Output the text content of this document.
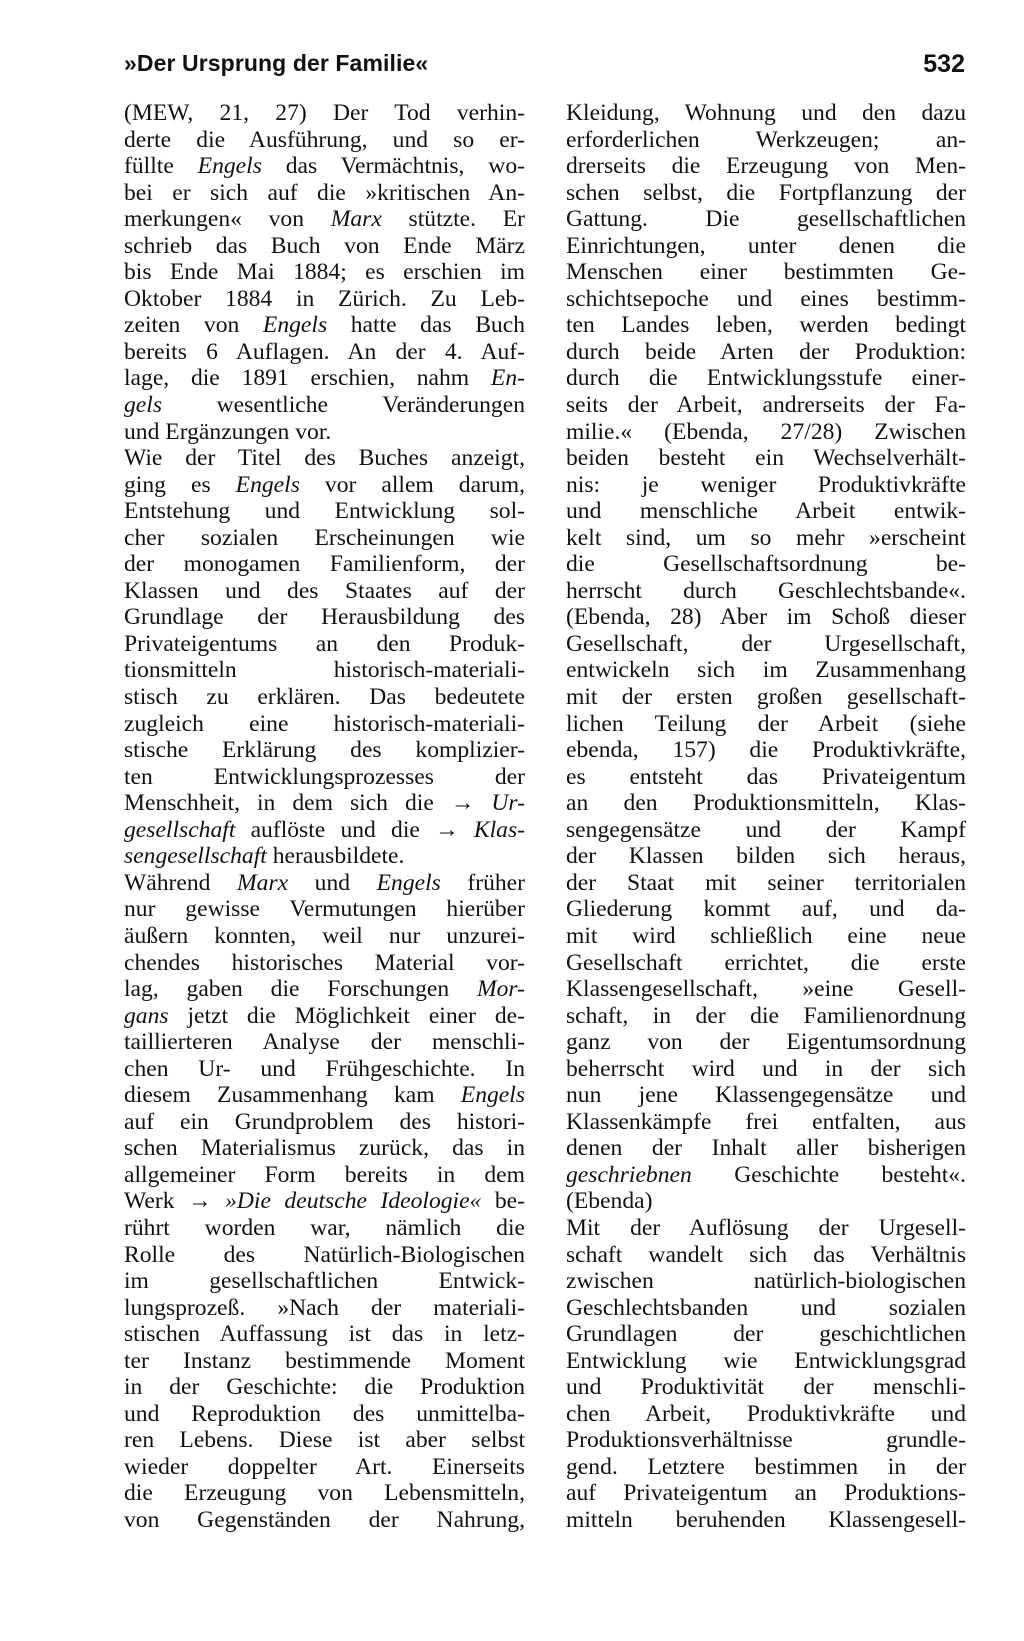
»Der Ursprung der Familie«	532
(MEW, 21, 27) Der Tod verhin-
derte die Ausführung, und so er-
füllte Engels das Vermächtnis, wo-
bei er sich auf die »kritischen An-
merkungen« von Marx stützte. Er
schrieb das Buch von Ende März
bis Ende Mai 1884; es erschien im
Oktober 1884 in Zürich. Zu Leb-
zeiten von Engels hatte das Buch
bereits 6 Auflagen. An der 4. Auf-
lage, die 1891 erschien, nahm En-
gels wesentliche Veränderungen
und Ergänzungen vor.
Wie der Titel des Buches anzeigt,
ging es Engels vor allem darum,
Entstehung und Entwicklung sol-
cher sozialen Erscheinungen wie
der monogamen Familienform, der
Klassen und des Staates auf der
Grundlage der Herausbildung des
Privateigentums an den Produk-
tionsmitteln historisch-materiali-
stisch zu erklären. Das bedeutete
zugleich eine historisch-materiali-
stische Erklärung des komplizier-
ten Entwicklungsprozesses der
Menschheit, in dem sich die → Ur-
gesellschaft auflöste und die → Klas-
sengesellschaft herausbildete.
Während Marx und Engels früher
nur gewisse Vermutungen hierüber
äußern konnten, weil nur unzurei-
chendes historisches Material vor-
lag, gaben die Forschungen Mor-
gans jetzt die Möglichkeit einer de-
taillierteren Analyse der menschli-
chen Ur- und Frühgeschichte. In
diesem Zusammenhang kam Engels
auf ein Grundproblem des histori-
schen Materialismus zurück, das in
allgemeiner Form bereits in dem
Werk → »Die deutsche Ideologie« be-
rührt worden war, nämlich die
Rolle des Natürlich-Biologischen
im gesellschaftlichen Entwick-
lungsprozeß. »Nach der materiali-
stischen Auffassung ist das in letz-
ter Instanz bestimmende Moment
in der Geschichte: die Produktion
und Reproduktion des unmittelba-
ren Lebens. Diese ist aber selbst
wieder doppelter Art. Einerseits
die Erzeugung von Lebensmitteln,
von Gegenständen der Nahrung,
Kleidung, Wohnung und den dazu
erforderlichen Werkzeugen; an-
drerseits die Erzeugung von Men-
schen selbst, die Fortpflanzung der
Gattung. Die gesellschaftlichen
Einrichtungen, unter denen die
Menschen einer bestimmten Ge-
schichtsepoche und eines bestimm-
ten Landes leben, werden bedingt
durch beide Arten der Produktion:
durch die Entwicklungsstufe einer-
seits der Arbeit, andrerseits der Fa-
milie.« (Ebenda, 27/28) Zwischen
beiden besteht ein Wechselverhält-
nis: je weniger Produktivkräfte
und menschliche Arbeit entwik-
kelt sind, um so mehr »erscheint
die Gesellschaftsordnung be-
herrscht durch Geschlechtsbande«.
(Ebenda, 28) Aber im Schoß dieser
Gesellschaft, der Urgesellschaft,
entwickeln sich im Zusammenhang
mit der ersten großen gesellschaft-
lichen Teilung der Arbeit (siehe
ebenda, 157) die Produktivkräfte,
es entsteht das Privateigentum
an den Produktionsmitteln, Klas-
sengegensätze und der Kampf
der Klassen bilden sich heraus,
der Staat mit seiner territorialen
Gliederung kommt auf, und da-
mit wird schließlich eine neue
Gesellschaft errichtet, die erste
Klassengesellschaft, »eine Gesell-
schaft, in der die Familienordnung
ganz von der Eigentumsordnung
beherrscht wird und in der sich
nun jene Klassengegensätze und
Klassenkämpfe frei entfalten, aus
denen der Inhalt aller bisherigen
geschriebnen Geschichte besteht«.
(Ebenda)
Mit der Auflösung der Urgesell-
schaft wandelt sich das Verhältnis
zwischen natürlich-biologischen
Geschlechtsbanden und sozialen
Grundlagen der geschichtlichen
Entwicklung wie Entwicklungsgrad
und Produktivität der menschli-
chen Arbeit, Produktivkräfte und
Produktionsverhältnisse grundle-
gend. Letztere bestimmen in der
auf Privateigentum an Produktions-
mitteln beruhenden Klassengesell-
